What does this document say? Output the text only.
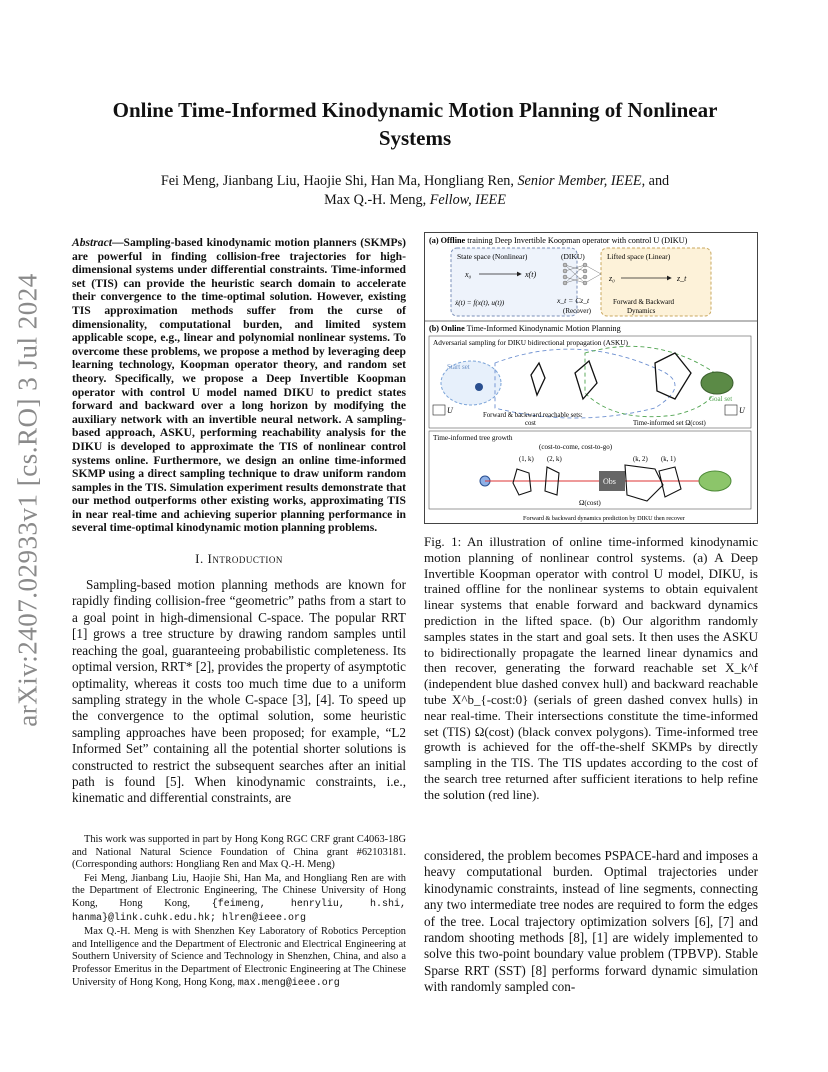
arXiv:2407.02933v1 [cs.RO] 3 Jul 2024
Online Time-Informed Kinodynamic Motion Planning of Nonlinear Systems
Fei Meng, Jianbang Liu, Haojie Shi, Han Ma, Hongliang Ren, Senior Member, IEEE, and
Max Q.-H. Meng, Fellow, IEEE
Abstract—Sampling-based kinodynamic motion planners (SKMPs) are powerful in finding collision-free trajectories for high-dimensional systems under differential constraints. Time-informed set (TIS) can provide the heuristic search domain to accelerate their convergence to the time-optimal solution. However, existing TIS approximation methods suffer from the curse of dimensionality, computational burden, and limited system applicable scope, e.g., linear and polynomial nonlinear systems. To overcome these problems, we propose a method by leveraging deep learning technology, Koopman operator theory, and random set theory. Specifically, we propose a Deep Invertible Koopman operator with control U model named DIKU to predict states forward and backward over a long horizon by modifying the auxiliary network with an invertible neural network. A sampling-based approach, ASKU, performing reachability analysis for the DIKU is developed to approximate the TIS of nonlinear control systems online. Furthermore, we design an online time-informed SKMP using a direct sampling technique to draw uniform random samples in the TIS. Simulation experiment results demonstrate that our method outperforms other existing works, approximating TIS in near real-time and achieving superior planning performance in several time-optimal kinodynamic motion planning problems.
I. Introduction
Sampling-based motion planning methods are known for rapidly finding collision-free “geometric” paths from a start to a goal point in high-dimensional C-space. The popular RRT [1] grows a tree structure by drawing random samples until reaching the goal, guaranteeing probabilistic completeness. Its optimal version, RRT* [2], provides the property of asymptotic optimality, whereas it costs too much time due to a uniform sampling strategy in the whole C-space [3], [4]. To speed up the convergence to the optimal solution, some heuristic sampling approaches have been proposed; for example, “L2 Informed Set” containing all the potential shorter solutions is constructed to restrict the subsequent searches after an initial path is found [5]. When kinodynamic constraints, i.e., kinematic and differential constraints, are

This work was supported in part by Hong Kong RGC CRF grant C4063-18G and National Natural Science Foundation of China grant #62103181. (Corresponding authors: Hongliang Ren and Max Q.-H. Meng)

Fei Meng, Jianbang Liu, Haojie Shi, Han Ma, and Hongliang Ren are with the Department of Electronic Engineering, The Chinese University of Hong Kong, Hong Kong, {feimeng, henryliu, h.shi, hanma}@link.cuhk.edu.hk; hlren@ieee.org

Max Q.-H. Meng is with Shenzhen Key Laboratory of Robotics Perception and Intelligence and the Department of Electronic and Electrical Engineering at Southern University of Science and Technology in Shenzhen, China, and also a Professor Emeritus in the Department of Electronic Engineering at The Chinese University of Hong Kong, Hong Kong, max.meng@ieee.org

(a) Offline training Deep Invertible Koopman operator with control U (DIKU)
State space (Nonlinear)	Lifted space (Linear)
(DIKU)
x₀	x(t)	z₀	z_t
ẋ(t) = f(x(t), u(t))	x_t = Cz_t
(Recover)
Forward & Backward
Dynamics
(b) Online Time-Informed Kinodynamic Motion Planning
Adversarial sampling for DIKU bidirectional propagation (ASKU)
Start set
Goal set
U	U
Forward & backward reachable sets:
cost	Time-informed set Ω(cost)
Time-informed tree growth
(cost-to-come, cost-to-go)
(1, k) (2, k)	(k, 2) (k, 1)
Obs
Ω(cost)
Forward & backward dynamics prediction by DIKU then recover
Fig. 1: An illustration of online time-informed kinodynamic motion planning of nonlinear control systems. (a) A Deep Invertible Koopman operator with control U model, DIKU, is trained offline for the nonlinear systems to obtain equivalent linear systems that enable forward and backward dynamics prediction in the lifted space. (b) Our algorithm randomly samples states in the start and goal sets. It then uses the ASKU to bidirectionally propagate the learned linear dynamics and then recover, generating the forward reachable set X_k^f (independent blue dashed convex hull) and backward reachable tube X^b_{-cost:0} (serials of green dashed convex hulls) in near real-time. Their intersections constitute the time-informed set (TIS) Ω(cost) (black convex polygons). Time-informed tree growth is achieved for the off-the-shelf SKMPs by directly sampling in the TIS. The TIS updates according to the cost of the search tree returned after sufficient iterations to help refine the solution (red line).
considered, the problem becomes PSPACE-hard and imposes a heavy computational burden. Optimal trajectories under kinodynamic constraints, instead of line segments, connecting any two intermediate tree nodes are required to form the edges of the tree. Local trajectory optimization solvers [6], [7] and random shooting methods [8], [1] are widely implemented to solve this two-point boundary value problem (TPBVP). Stable Sparse RRT (SST) [8] performs forward dynamic simulation with randomly sampled con-
